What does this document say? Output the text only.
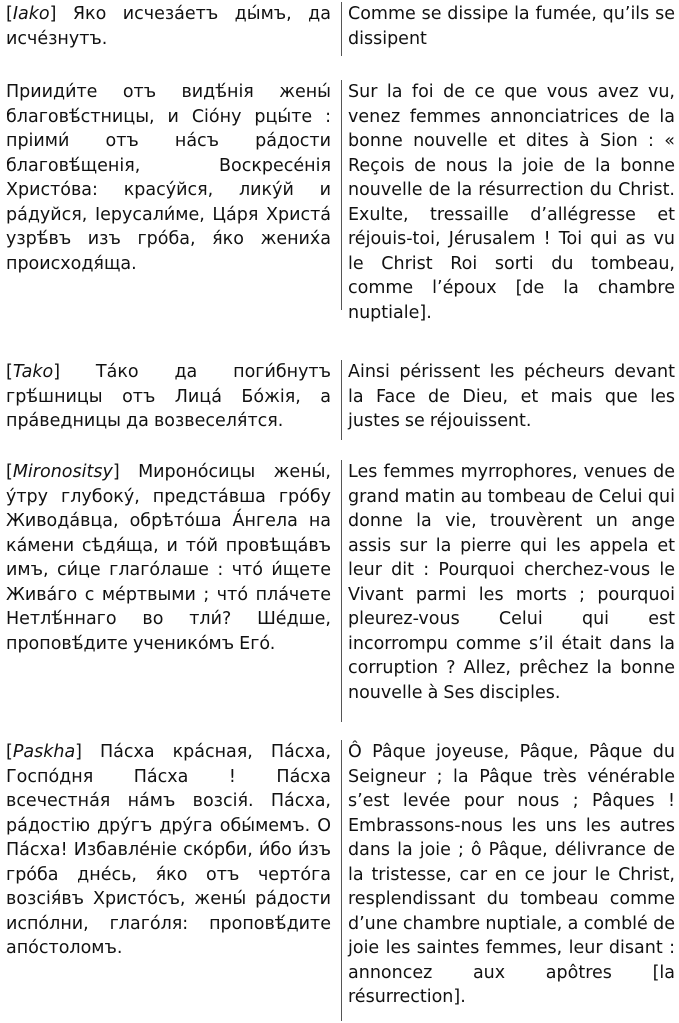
[Iako] Яко исчезáетъ ды́мъ, да исче́знутъ.
Comme se dissipe la fumée, qu’ils se dissipent
Прииди́те отъ видѣ́нія жены́ благовѣ́стницы, и Сіóну рцы́те : пріими́ отъ нáсъ рáдости благовѣ́щенія, Воскресе́нія Христóва: красу́йся, лику́й и рáдуйся, Іерусали́ме, Цáря Христá узрѣ́въ изъ грóба, я́ко жених́а происходя́ща.
Sur la foi de ce que vous avez vu, venez femmes annonciatrices de la bonne nouvelle et dites à Sion : « Reçois de nous la joie de la bonne nouvelle de la résurrection du Christ. Exulte, tressaille d’allégresse et réjouis-toi, Jérusalem ! Toi qui as vu le Christ Roi sorti du tombeau, comme l’époux [de la chambre nuptiale].
[Tako] Тáко да поги́бнутъ грѣ́шницы отъ Лицá Бóжія, а прáведницы да возвеселя́тся.
Ainsi périssent les pécheurs devant la Face de Dieu, et mais que les justes se réjouissent.
[Mironositsy] Мироно́сицы жены́, у́тру глубоку́, предстáвша грóбу Живодáвца, обрѣтóша А́нгела на кáмени сѣдя́ща, и тóй провѣщáвъ имъ, си́це глагóлаше : что́ и́щете Живáго с мéртвыми ; что́ плáчете Нетлѣ́ннаго во тли́? Шéдше, проповѣ́дите ученикóмъ Егó.
Les femmes myrrophores, venues de grand matin au tombeau de Celui qui donne la vie, trouvèrent un ange assis sur la pierre qui les appela et leur dit : Pourquoi cherchez-vous le Vivant parmi les morts ; pourquoi pleurez-vous Celui qui est incorrompu comme s’il était dans la corruption ? Allez, prêchez la bonne nouvelle à Ses disciples.
[Paskha] Пáсха крáсная, Пáсха, Госпóдня Пáсха ! Пáсха всечестнáя нáмъ возсія́. Пáсха, рáдостію дру́гъ дру́га обы́мемъ. О Пáсха! Избавлéніе скóрби, и́бо и́зъ грóба днéсь, я́ко отъ чертóга возсія́въ Христóсъ, жены́ рáдости испóлни, глагóля: проповѣ́дите апóстоломъ.
Ô Pâque joyeuse, Pâque, Pâque du Seigneur ; la Pâque très vénérable s’est levée pour nous ; Pâques ! Embrassons-nous les uns les autres dans la joie ; ô Pâque, délivrance de la tristesse, car en ce jour le Christ, resplendissant du tombeau comme d’une chambre nuptiale, a comblé de joie les saintes femmes, leur disant : annoncez aux apôtres [la résurrection].
